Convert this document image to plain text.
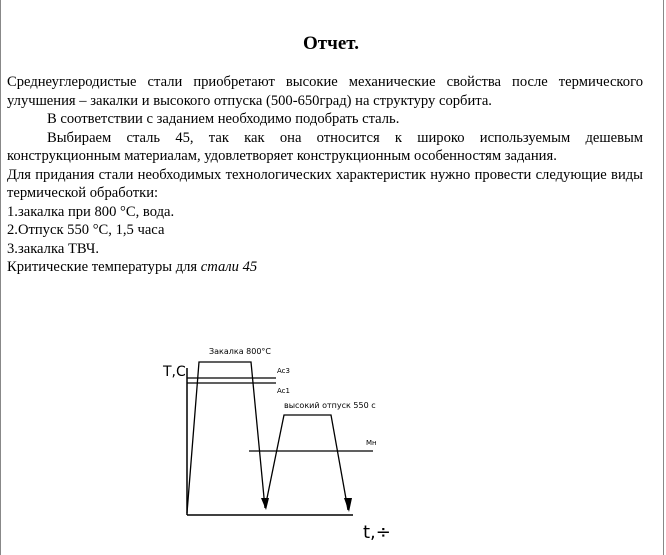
Отчет.

Среднеуглеродистые стали приобретают высокие механические свойства после термического улучшения – закалки и высокого отпуска (500-650град) на структуру сорбита.

В соответствии с заданием необходимо подобрать сталь.

Выбираем сталь 45, так как она относится к широко используемым дешевым конструкционным материалам, удовлетворяет конструкционным особенностям задания.

Для придания стали необходимых технологических характеристик нужно провести следующие виды термической обработки:

1.закалка при 800 °С, вода.

2.Отпуск 550 °С, 1,5 часа

3.закалка ТВЧ.

Критические температуры для стали 45

T,C
t,÷
Закалка 800°С
Ac3
Ac1
высокий отпуск 550 с
Мн
